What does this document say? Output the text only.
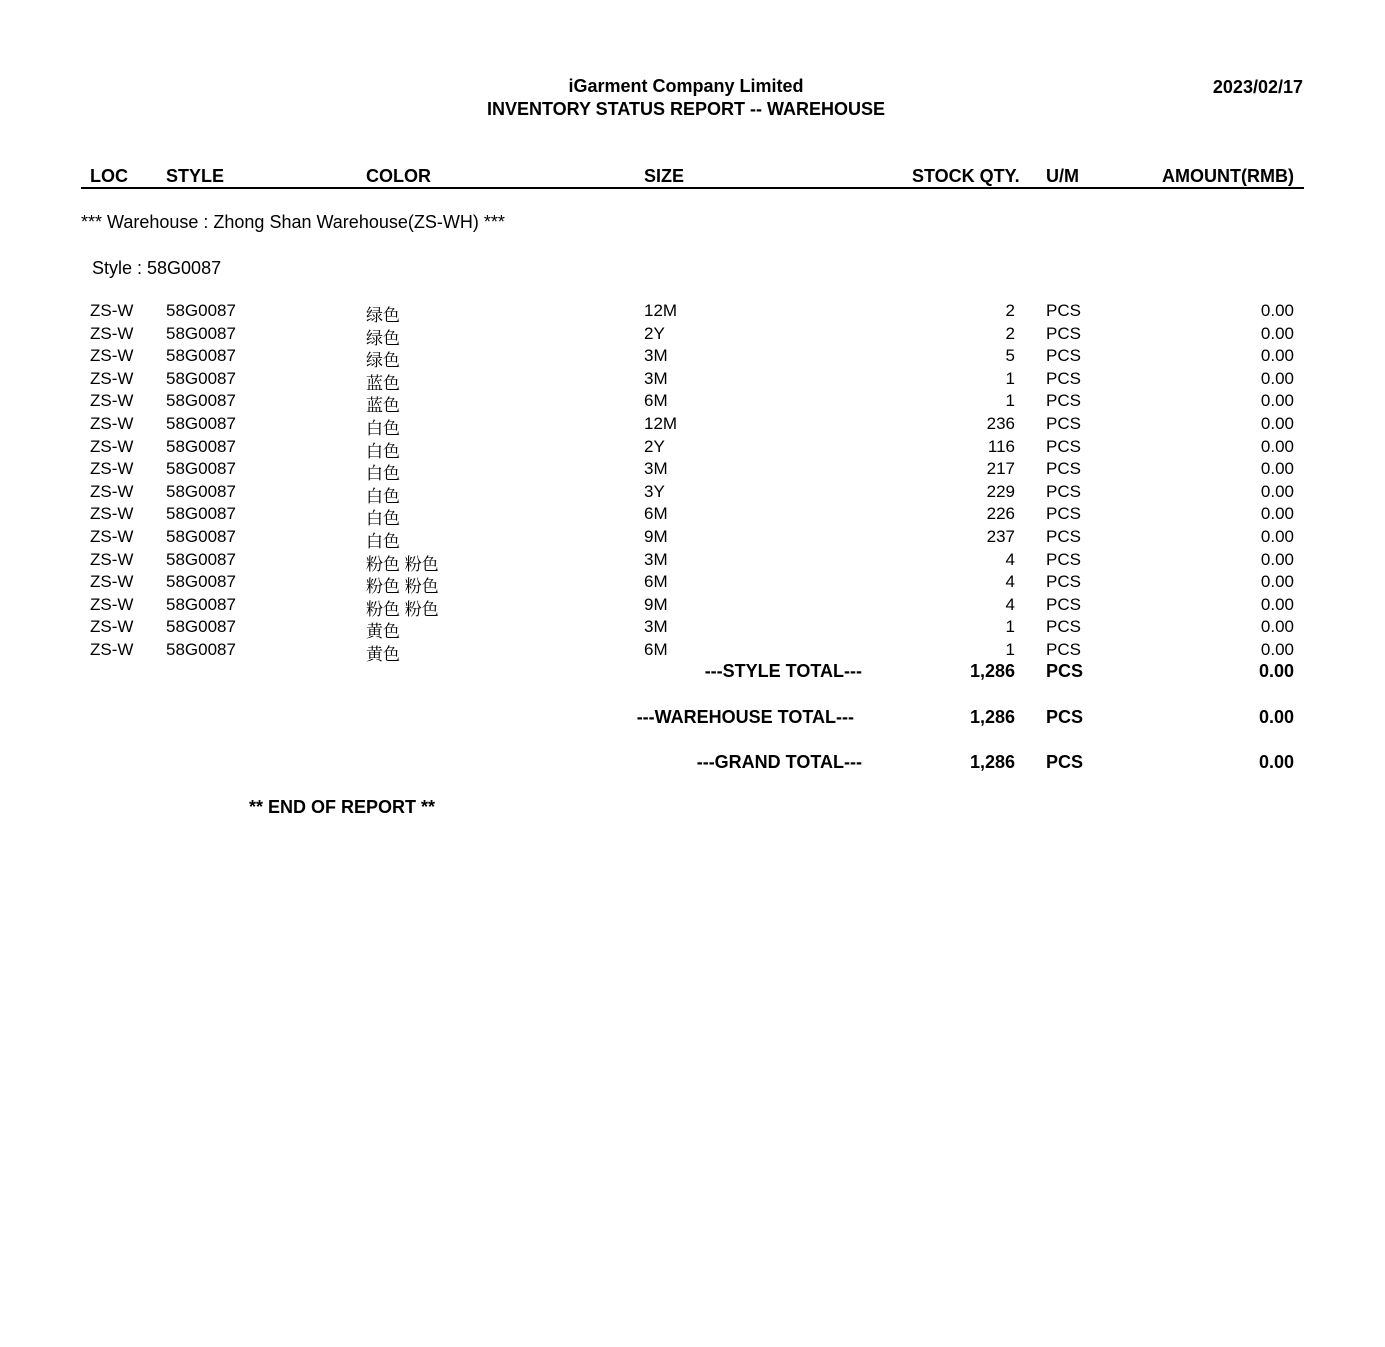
iGarment Company Limited
INVENTORY STATUS REPORT -- WAREHOUSE
2023/02/17
LOC STYLE	COLOR	SIZE	STOCK QTY. U/M	AMOUNT(RMB)
*** Warehouse : Zhong Shan Warehouse(ZS-WH) ***
Style : 58G0087
ZS-W 58G0087	绿色	12M	2 PCS	0.00
ZS-W 58G0087	绿色	2Y	2 PCS	0.00
ZS-W 58G0087	绿色	3M	5 PCS	0.00
ZS-W 58G0087	蓝色	3M	1 PCS	0.00
ZS-W 58G0087	蓝色	6M	1 PCS	0.00
ZS-W 58G0087	白色	12M	236 PCS	0.00
ZS-W 58G0087	白色	2Y	116 PCS	0.00
ZS-W 58G0087	白色	3M	217 PCS	0.00
ZS-W 58G0087	白色	3Y	229 PCS	0.00
ZS-W 58G0087	白色	6M	226 PCS	0.00
ZS-W 58G0087	白色	9M	237 PCS	0.00
ZS-W 58G0087	粉色 粉色	3M	4 PCS	0.00
ZS-W 58G0087	粉色 粉色	6M	4 PCS	0.00
ZS-W 58G0087	粉色 粉色	9M	4 PCS	0.00
ZS-W 58G0087	黄色	3M	1 PCS	0.00
ZS-W 58G0087	黄色	6M	1 PCS	0.00
---STYLE TOTAL---	1,286 PCS	0.00
---WAREHOUSE TOTAL---	1,286 PCS	0.00
---GRAND TOTAL---	1,286 PCS	0.00
** END OF REPORT **
